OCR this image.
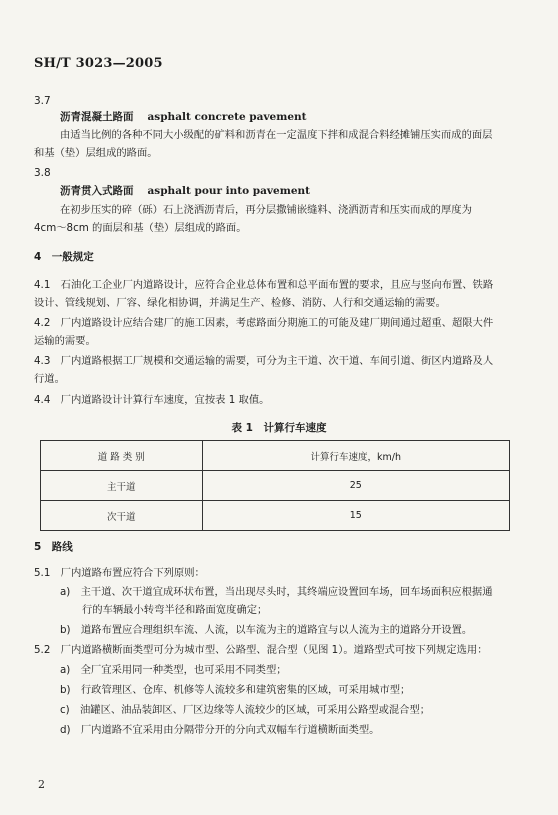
SH/T 3023—2005
3.7
沥青混凝土路面 asphalt concrete pavement
由适当比例的各种不同大小级配的矿料和沥青在一定温度下拌和成混合料经摊铺压实而成的面层
和基（垫）层组成的路面。
3.8
沥青贯入式路面 asphalt pour into pavement
在初步压实的碎（砾）石上浇洒沥青后，再分层撒铺嵌缝料、浇洒沥青和压实而成的厚度为
4cm～8cm 的面层和基（垫）层组成的路面。
4　一般规定
4.1　石油化工企业厂内道路设计，应符合企业总体布置和总平面布置的要求，且应与竖向布置、铁路
设计、管线规划、厂容、绿化相协调，并满足生产、检修、消防、人行和交通运输的需要。
4.2　厂内道路设计应结合建厂的施工因素，考虑路面分期施工的可能及建厂期间通过超重、超限大件
运输的需要。
4.3　厂内道路根据工厂规模和交通运输的需要，可分为主干道、次干道、车间引道、街区内道路及人
行道。
4.4　厂内道路设计计算行车速度，宜按表 1 取值。
表 1　计算行车速度
道 路 类 别	计算行车速度，km/h
主干道	25
次干道	15
5　路线
5.1　厂内道路布置应符合下列原则：
a)　主干道、次干道宜成环状布置，当出现尽头时，其终端应设置回车场，回车场面积应根据通
行的车辆最小转弯半径和路面宽度确定；
b)　道路布置应合理组织车流、人流，以车流为主的道路宜与以人流为主的道路分开设置。
5.2　厂内道路横断面类型可分为城市型、公路型、混合型（见图 1）。道路型式可按下列规定选用：
a)　全厂宜采用同一种类型，也可采用不同类型；
b)　行政管理区、仓库、机修等人流较多和建筑密集的区域，可采用城市型；
c)　油罐区、油品装卸区、厂区边缘等人流较少的区域，可采用公路型或混合型；
d)　厂内道路不宜采用由分隔带分开的分向式双幅车行道横断面类型。
2
